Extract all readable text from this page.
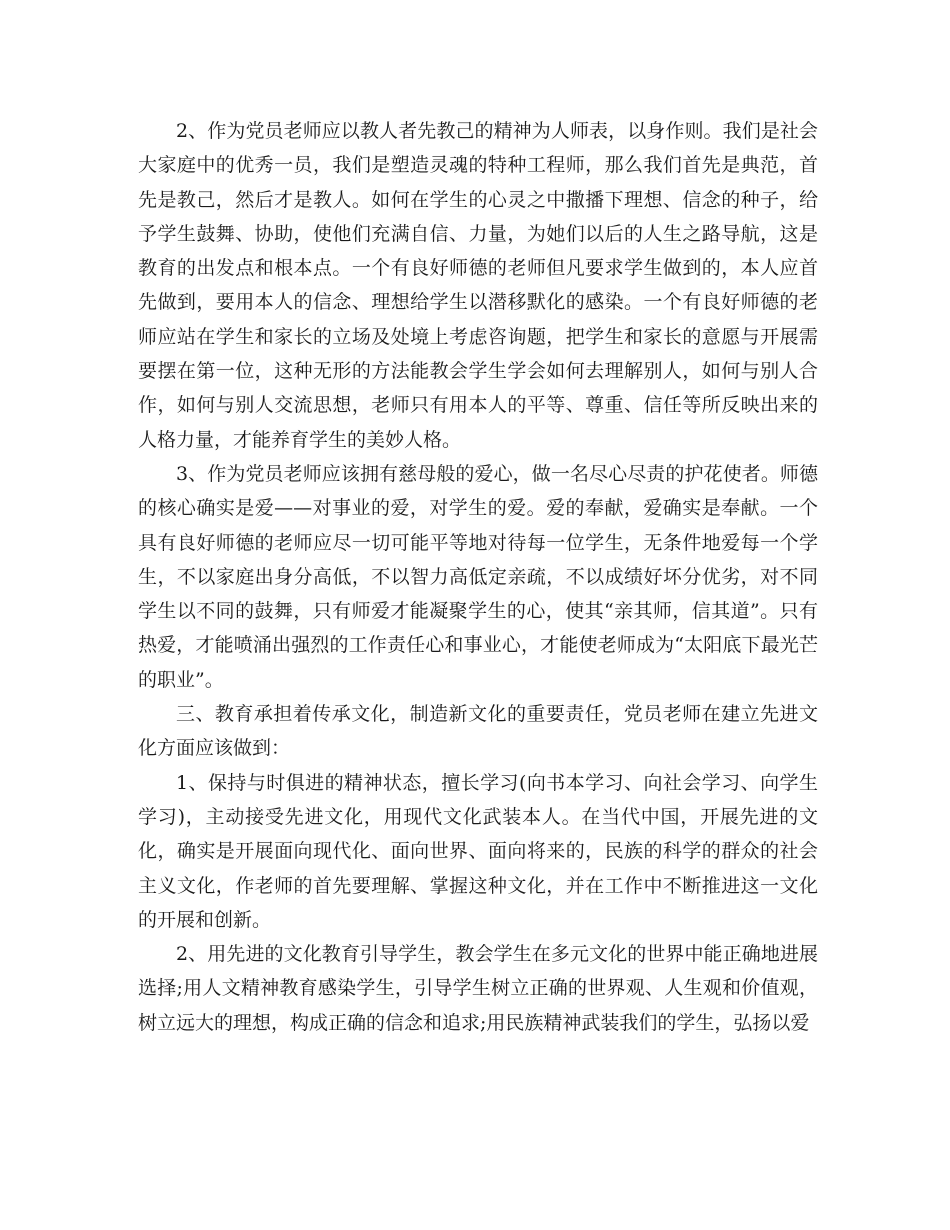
2、作为党员老师应以教人者先教己的精神为人师表，以身作则。我们是社会大家庭中的优秀一员，我们是塑造灵魂的特种工程师，那么我们首先是典范，首先是教己，然后才是教人。如何在学生的心灵之中撒播下理想、信念的种子，给予学生鼓舞、协助，使他们充满自信、力量，为她们以后的人生之路导航，这是教育的出发点和根本点。一个有良好师德的老师但凡要求学生做到的，本人应首先做到，要用本人的信念、理想给学生以潜移默化的感染。一个有良好师德的老师应站在学生和家长的立场及处境上考虑咨询题，把学生和家长的意愿与开展需要摆在第一位，这种无形的方法能教会学生学会如何去理解别人，如何与别人合作，如何与别人交流思想，老师只有用本人的平等、尊重、信任等所反映出来的人格力量，才能养育学生的美妙人格。

3、作为党员老师应该拥有慈母般的爱心，做一名尽心尽责的护花使者。师德的核心确实是爱——对事业的爱，对学生的爱。爱的奉献，爱确实是奉献。一个具有良好师德的老师应尽一切可能平等地对待每一位学生，无条件地爱每一个学生，不以家庭出身分高低，不以智力高低定亲疏，不以成绩好坏分优劣，对不同学生以不同的鼓舞，只有师爱才能凝聚学生的心，使其“亲其师，信其道”。只有热爱，才能喷涌出强烈的工作责任心和事业心，才能使老师成为“太阳底下最光芒的职业”。

三、教育承担着传承文化，制造新文化的重要责任，党员老师在建立先进文化方面应该做到：

1、保持与时俱进的精神状态，擅长学习(向书本学习、向社会学习、向学生学习)，主动接受先进文化，用现代文化武装本人。在当代中国，开展先进的文化，确实是开展面向现代化、面向世界、面向将来的，民族的科学的群众的社会主义文化，作老师的首先要理解、掌握这种文化，并在工作中不断推进这一文化的开展和创新。

2、用先进的文化教育引导学生，教会学生在多元文化的世界中能正确地进展选择;用人文精神教育感染学生，引导学生树立正确的世界观、人生观和价值观，树立远大的理想，构成正确的信念和追求;用民族精神武装我们的学生，弘扬以爱
